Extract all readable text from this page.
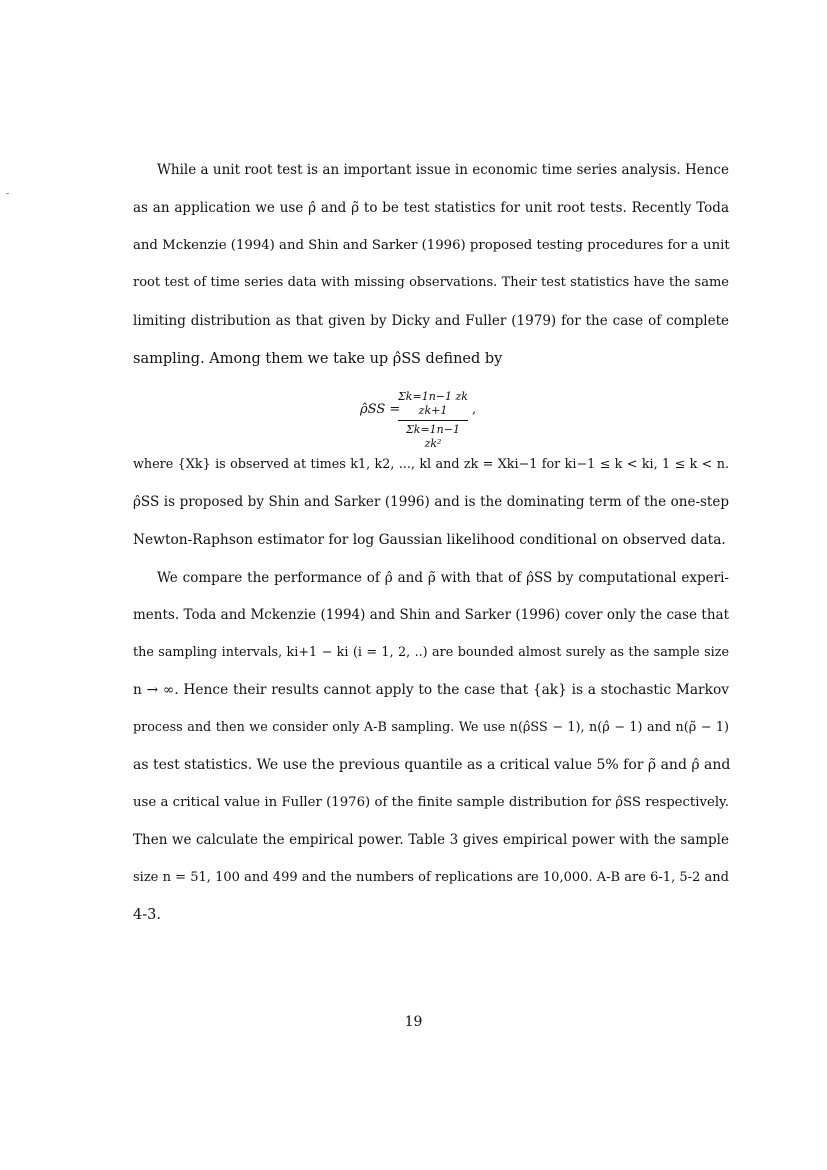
While a unit root test is an important issue in economic time series analysis. Hence
as an application we use ρ̂ and ρ̃ to be test statistics for unit root tests. Recently Toda
and Mckenzie (1994) and Shin and Sarker (1996) proposed testing procedures for a unit
root test of time series data with missing observations. Their test statistics have the same
limiting distribution as that given by Dicky and Fuller (1979) for the case of complete
sampling. Among them we take up ρ̂SS defined by
ρ̂SS =
Σk=1n−1 zk zk+1
Σk=1n−1 zk²
,
where {Xk} is observed at times k1, k2, ..., kl and zk = Xki−1 for ki−1 ≤ k < ki, 1 ≤ k < n.
ρ̂SS is proposed by Shin and Sarker (1996) and is the dominating term of the one-step
Newton-Raphson estimator for log Gaussian likelihood conditional on observed data.
We compare the performance of ρ̂ and ρ̃ with that of ρ̂SS by computational experi-
ments. Toda and Mckenzie (1994) and Shin and Sarker (1996) cover only the case that
the sampling intervals, ki+1 − ki (i = 1, 2, ..) are bounded almost surely as the sample size
n → ∞. Hence their results cannot apply to the case that {ak} is a stochastic Markov
process and then we consider only A-B sampling. We use n(ρ̂SS − 1), n(ρ̂ − 1) and n(ρ̃ − 1)
as test statistics. We use the previous quantile as a critical value 5% for ρ̃ and ρ̂ and
use a critical value in Fuller (1976) of the finite sample distribution for ρ̂SS respectively.
Then we calculate the empirical power. Table 3 gives empirical power with the sample
size n = 51, 100 and 499 and the numbers of replications are 10,000. A-B are 6-1, 5-2 and
4-3.
19
